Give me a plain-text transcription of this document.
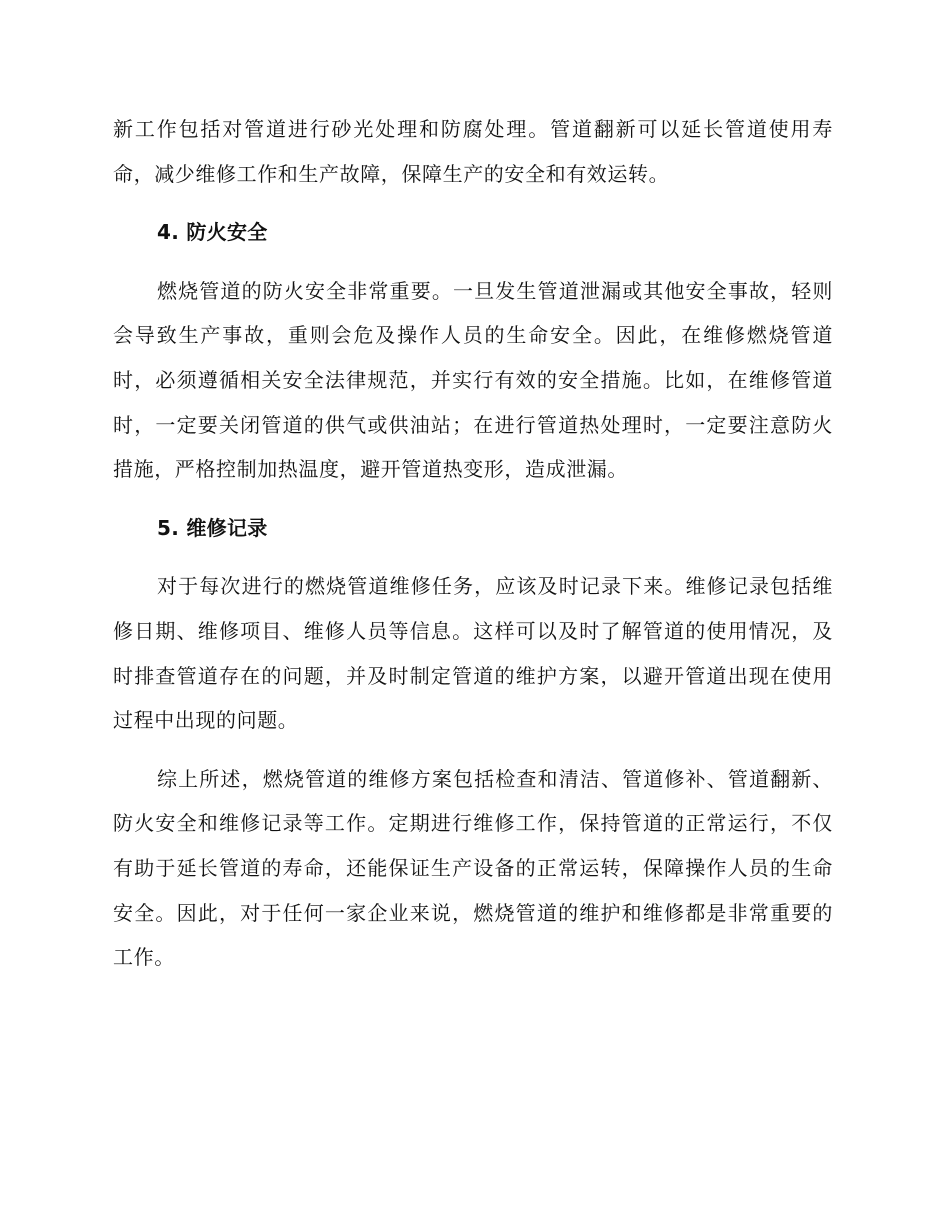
新工作包括对管道进行砂光处理和防腐处理。管道翻新可以延长管道使用寿命，减少维修工作和生产故障，保障生产的安全和有效运转。

4. 防火安全

燃烧管道的防火安全非常重要。一旦发生管道泄漏或其他安全事故，轻则会导致生产事故，重则会危及操作人员的生命安全。因此，在维修燃烧管道时，必须遵循相关安全法律规范，并实行有效的安全措施。比如，在维修管道时，一定要关闭管道的供气或供油站；在进行管道热处理时，一定要注意防火措施，严格控制加热温度，避开管道热变形，造成泄漏。

5. 维修记录

对于每次进行的燃烧管道维修任务，应该及时记录下来。维修记录包括维修日期、维修项目、维修人员等信息。这样可以及时了解管道的使用情况，及时排查管道存在的问题，并及时制定管道的维护方案，以避开管道出现在使用过程中出现的问题。

综上所述，燃烧管道的维修方案包括检查和清洁、管道修补、管道翻新、防火安全和维修记录等工作。定期进行维修工作，保持管道的正常运行，不仅有助于延长管道的寿命，还能保证生产设备的正常运转，保障操作人员的生命安全。因此，对于任何一家企业来说，燃烧管道的维护和维修都是非常重要的工作。
